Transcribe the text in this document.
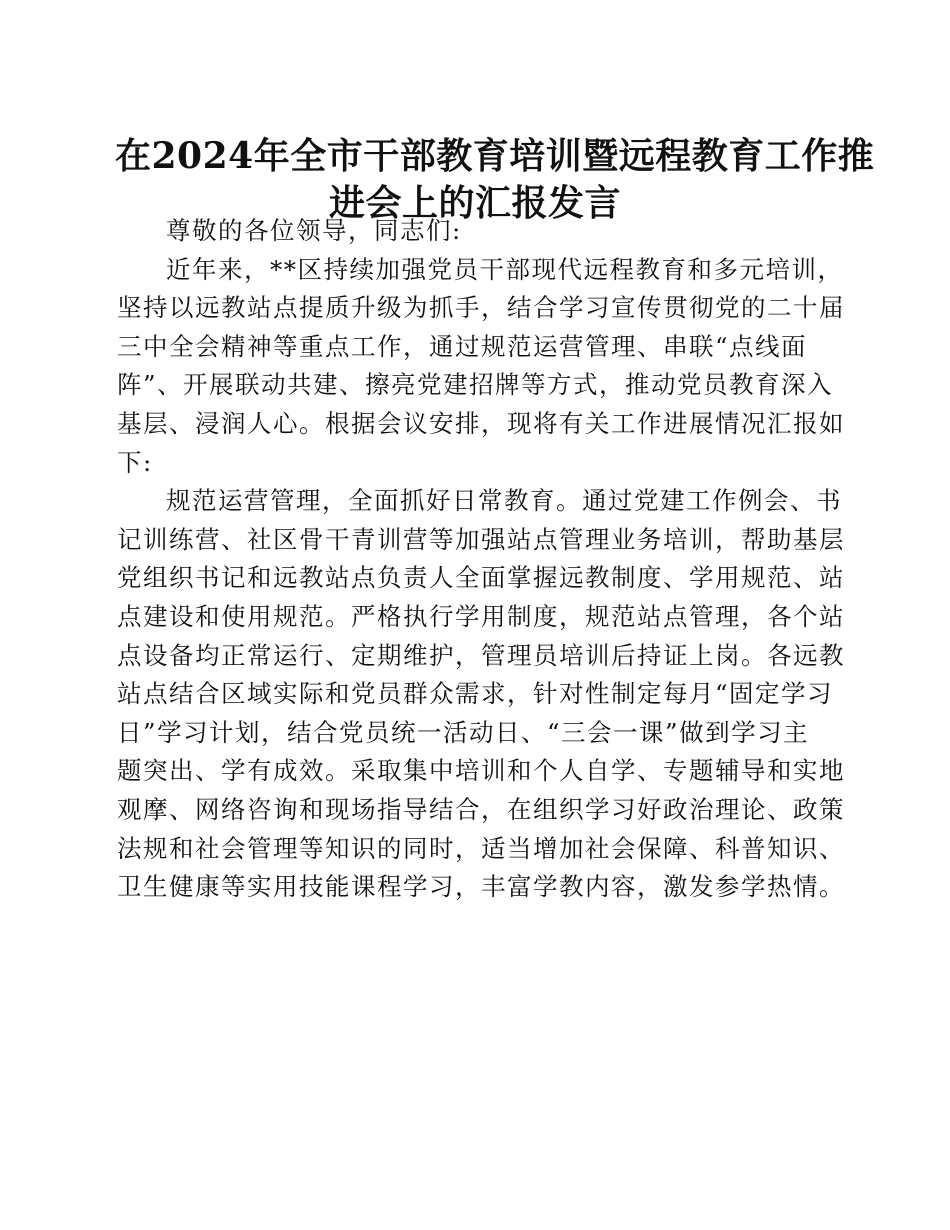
在2024年全市干部教育培训暨远程教育工作推
进会上的汇报发言
尊敬的各位领导，同志们:
近年来，**区持续加强党员干部现代远程教育和多元培训，
坚持以远教站点提质升级为抓手，结合学习宣传贯彻党的二十届
三中全会精神等重点工作，通过规范运营管理、串联“点线面
阵”、开展联动共建、擦亮党建招牌等方式，推动党员教育深入
基层、浸润人心。根据会议安排，现将有关工作进展情况汇报如
下:
规范运营管理，全面抓好日常教育。通过党建工作例会、书
记训练营、社区骨干青训营等加强站点管理业务培训，帮助基层
党组织书记和远教站点负责人全面掌握远教制度、学用规范、站
点建设和使用规范。严格执行学用制度，规范站点管理，各个站
点设备均正常运行、定期维护，管理员培训后持证上岗。各远教
站点结合区域实际和党员群众需求，针对性制定每月“固定学习
日”学习计划，结合党员统一活动日、“三会一课”做到学习主
题突出、学有成效。采取集中培训和个人自学、专题辅导和实地
观摩、网络咨询和现场指导结合，在组织学习好政治理论、政策
法规和社会管理等知识的同时，适当增加社会保障、科普知识、
卫生健康等实用技能课程学习，丰富学教内容，激发参学热情。
